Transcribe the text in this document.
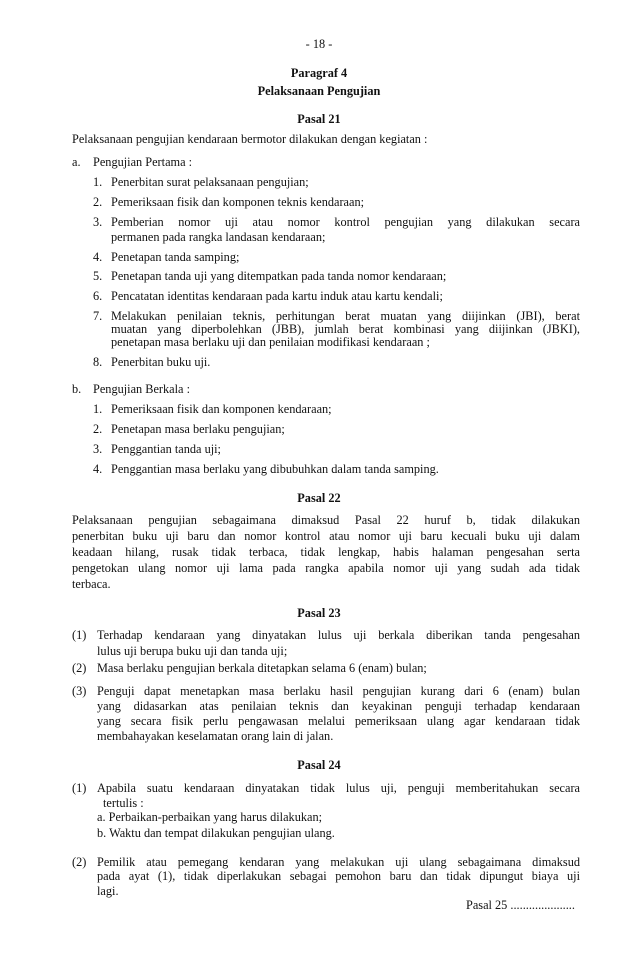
- 18 -
Paragraf 4
Pelaksanaan Pengujian
Pasal 21
Pelaksanaan pengujian kendaraan bermotor dilakukan dengan kegiatan :
a. Pengujian Pertama :
1. Penerbitan surat pelaksanaan pengujian;
2. Pemeriksaan fisik dan komponen teknis kendaraan;
3. Pemberian nomor uji atau nomor kontrol pengujian yang dilakukan secara
permanen pada rangka landasan kendaraan;
4. Penetapan tanda samping;
5. Penetapan tanda uji yang ditempatkan pada tanda nomor kendaraan;
6. Pencatatan identitas kendaraan pada kartu induk atau kartu kendali;
7. Melakukan penilaian teknis, perhitungan berat muatan yang diijinkan (JBI), berat
muatan yang diperbolehkan (JBB), jumlah berat kombinasi yang diijinkan (JBKI),
penetapan masa berlaku uji dan penilaian modifikasi kendaraan ;
8. Penerbitan buku uji.
b. Pengujian Berkala :
1. Pemeriksaan fisik dan komponen kendaraan;
2. Penetapan masa berlaku pengujian;
3. Penggantian tanda uji;
4. Penggantian masa berlaku yang dibubuhkan dalam tanda samping.
Pasal 22
Pelaksanaan pengujian sebagaimana dimaksud Pasal 22 huruf b, tidak dilakukan
penerbitan buku uji baru dan nomor kontrol atau nomor uji baru kecuali buku uji dalam
keadaan hilang, rusak tidak terbaca, tidak lengkap, habis halaman pengesahan serta
pengetokan ulang nomor uji lama pada rangka apabila nomor uji yang sudah ada tidak
terbaca.
Pasal 23
(1) Terhadap kendaraan yang dinyatakan lulus uji berkala diberikan tanda pengesahan
lulus uji berupa buku uji dan tanda uji;
(2) Masa berlaku pengujian berkala ditetapkan selama 6 (enam) bulan;
(3) Penguji dapat menetapkan masa berlaku hasil pengujian kurang dari 6 (enam) bulan
yang didasarkan atas penilaian teknis dan keyakinan penguji terhadap kendaraan
yang secara fisik perlu pengawasan melalui pemeriksaan ulang agar kendaraan tidak
membahayakan keselamatan orang lain di jalan.
Pasal 24
(1) Apabila suatu kendaraan dinyatakan tidak lulus uji, penguji memberitahukan secara
tertulis :
a. Perbaikan-perbaikan yang harus dilakukan;
b. Waktu dan tempat dilakukan pengujian ulang.
(2) Pemilik atau pemegang kendaran yang melakukan uji ulang sebagaimana dimaksud
pada ayat (1), tidak diperlakukan sebagai pemohon baru dan tidak dipungut biaya uji
lagi.
Pasal 25 .....................
